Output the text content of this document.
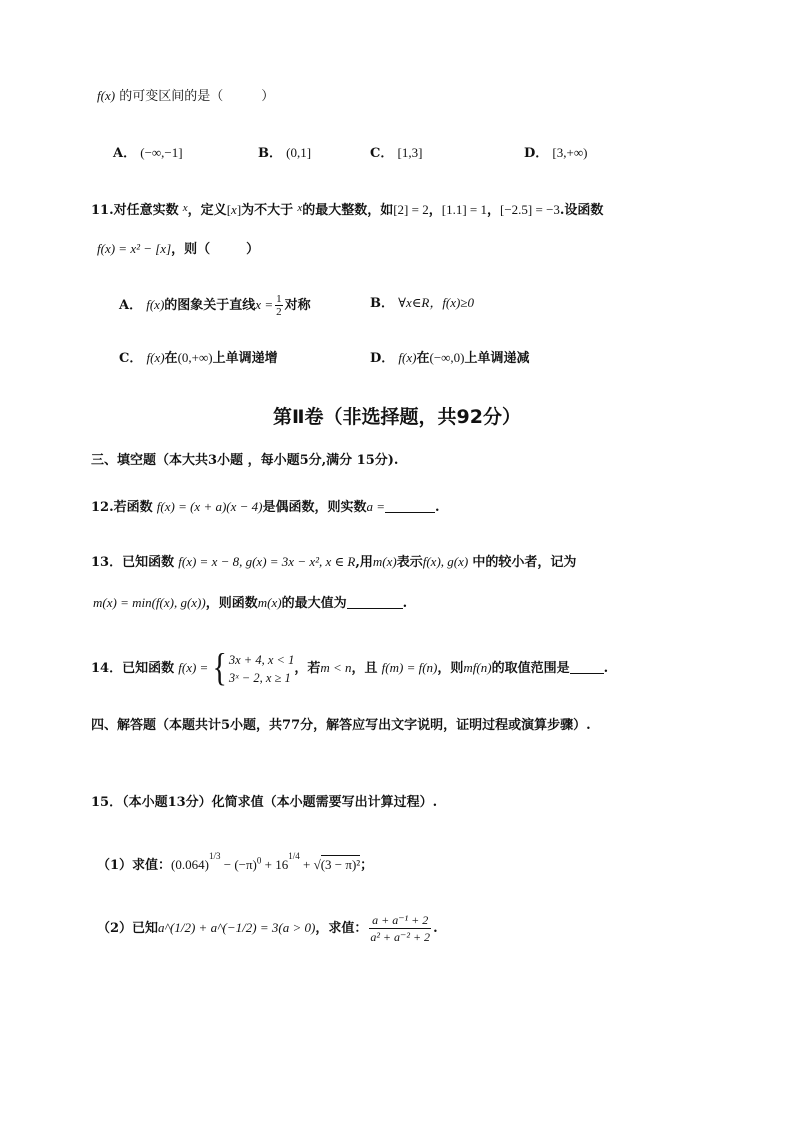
f(x) 的可变区间的是（	）
A． (−∞,−1]	B． (0,1]	C． [1,3]	D． [3,+∞)
11.对任意实数 $^x$，定义[x]为不大于 $^x$的最大整数，如[2] = 2，[1.1] = 1，[−2.5] = −3.设函数
f(x) = x² − [x]，则（	）
A． f(x)的图象关于直线$x = \frac{1}{2}$ 对称	B． ∀x∈R，f(x)≥0
C． f(x)在(0,+∞)上单调递增	D． f(x)在(−∞,0)上单调递减
第Ⅱ卷（非选择题，共92分）
三、填空题（本大共3小题 ，每小题5分,满分 15分).
12.若函数 f(x) = (x + a)(x − 4)是偶函数，则实数a =	.
13．已知函数 f(x) = x − 8, g(x) = 3x − x², x ∈ R,用m(x)表示f(x), g(x) 中的较小者，记为
m(x) = min(f(x), g(x))，则函数m(x)的最大值为	.
14．已知函数 f(x) = { 3x + 4, x < 1
3ˣ − 2, x ≥ 1
，若m < n，且 f(m) = f(n)，则mf(n)的取值范围是	.
四、解答题（本题共计5小题，共77分，解答应写出文字说明，证明过程或演算步骤）.
15．（本小题13分）化简求值（本小题需要写出计算过程）.
（1）求值：$(0.064)^{1/3} - (-\pi)^0 + 16^{1/4} + √(3 - \pi)^2$；
（2）已知a^(1/2) + a^(−1/2) = 3(a > 0)，求值： $\frac{\text{a + a⁻¹ + 2}}{\text{a² + a⁻² + 2}}$ .
